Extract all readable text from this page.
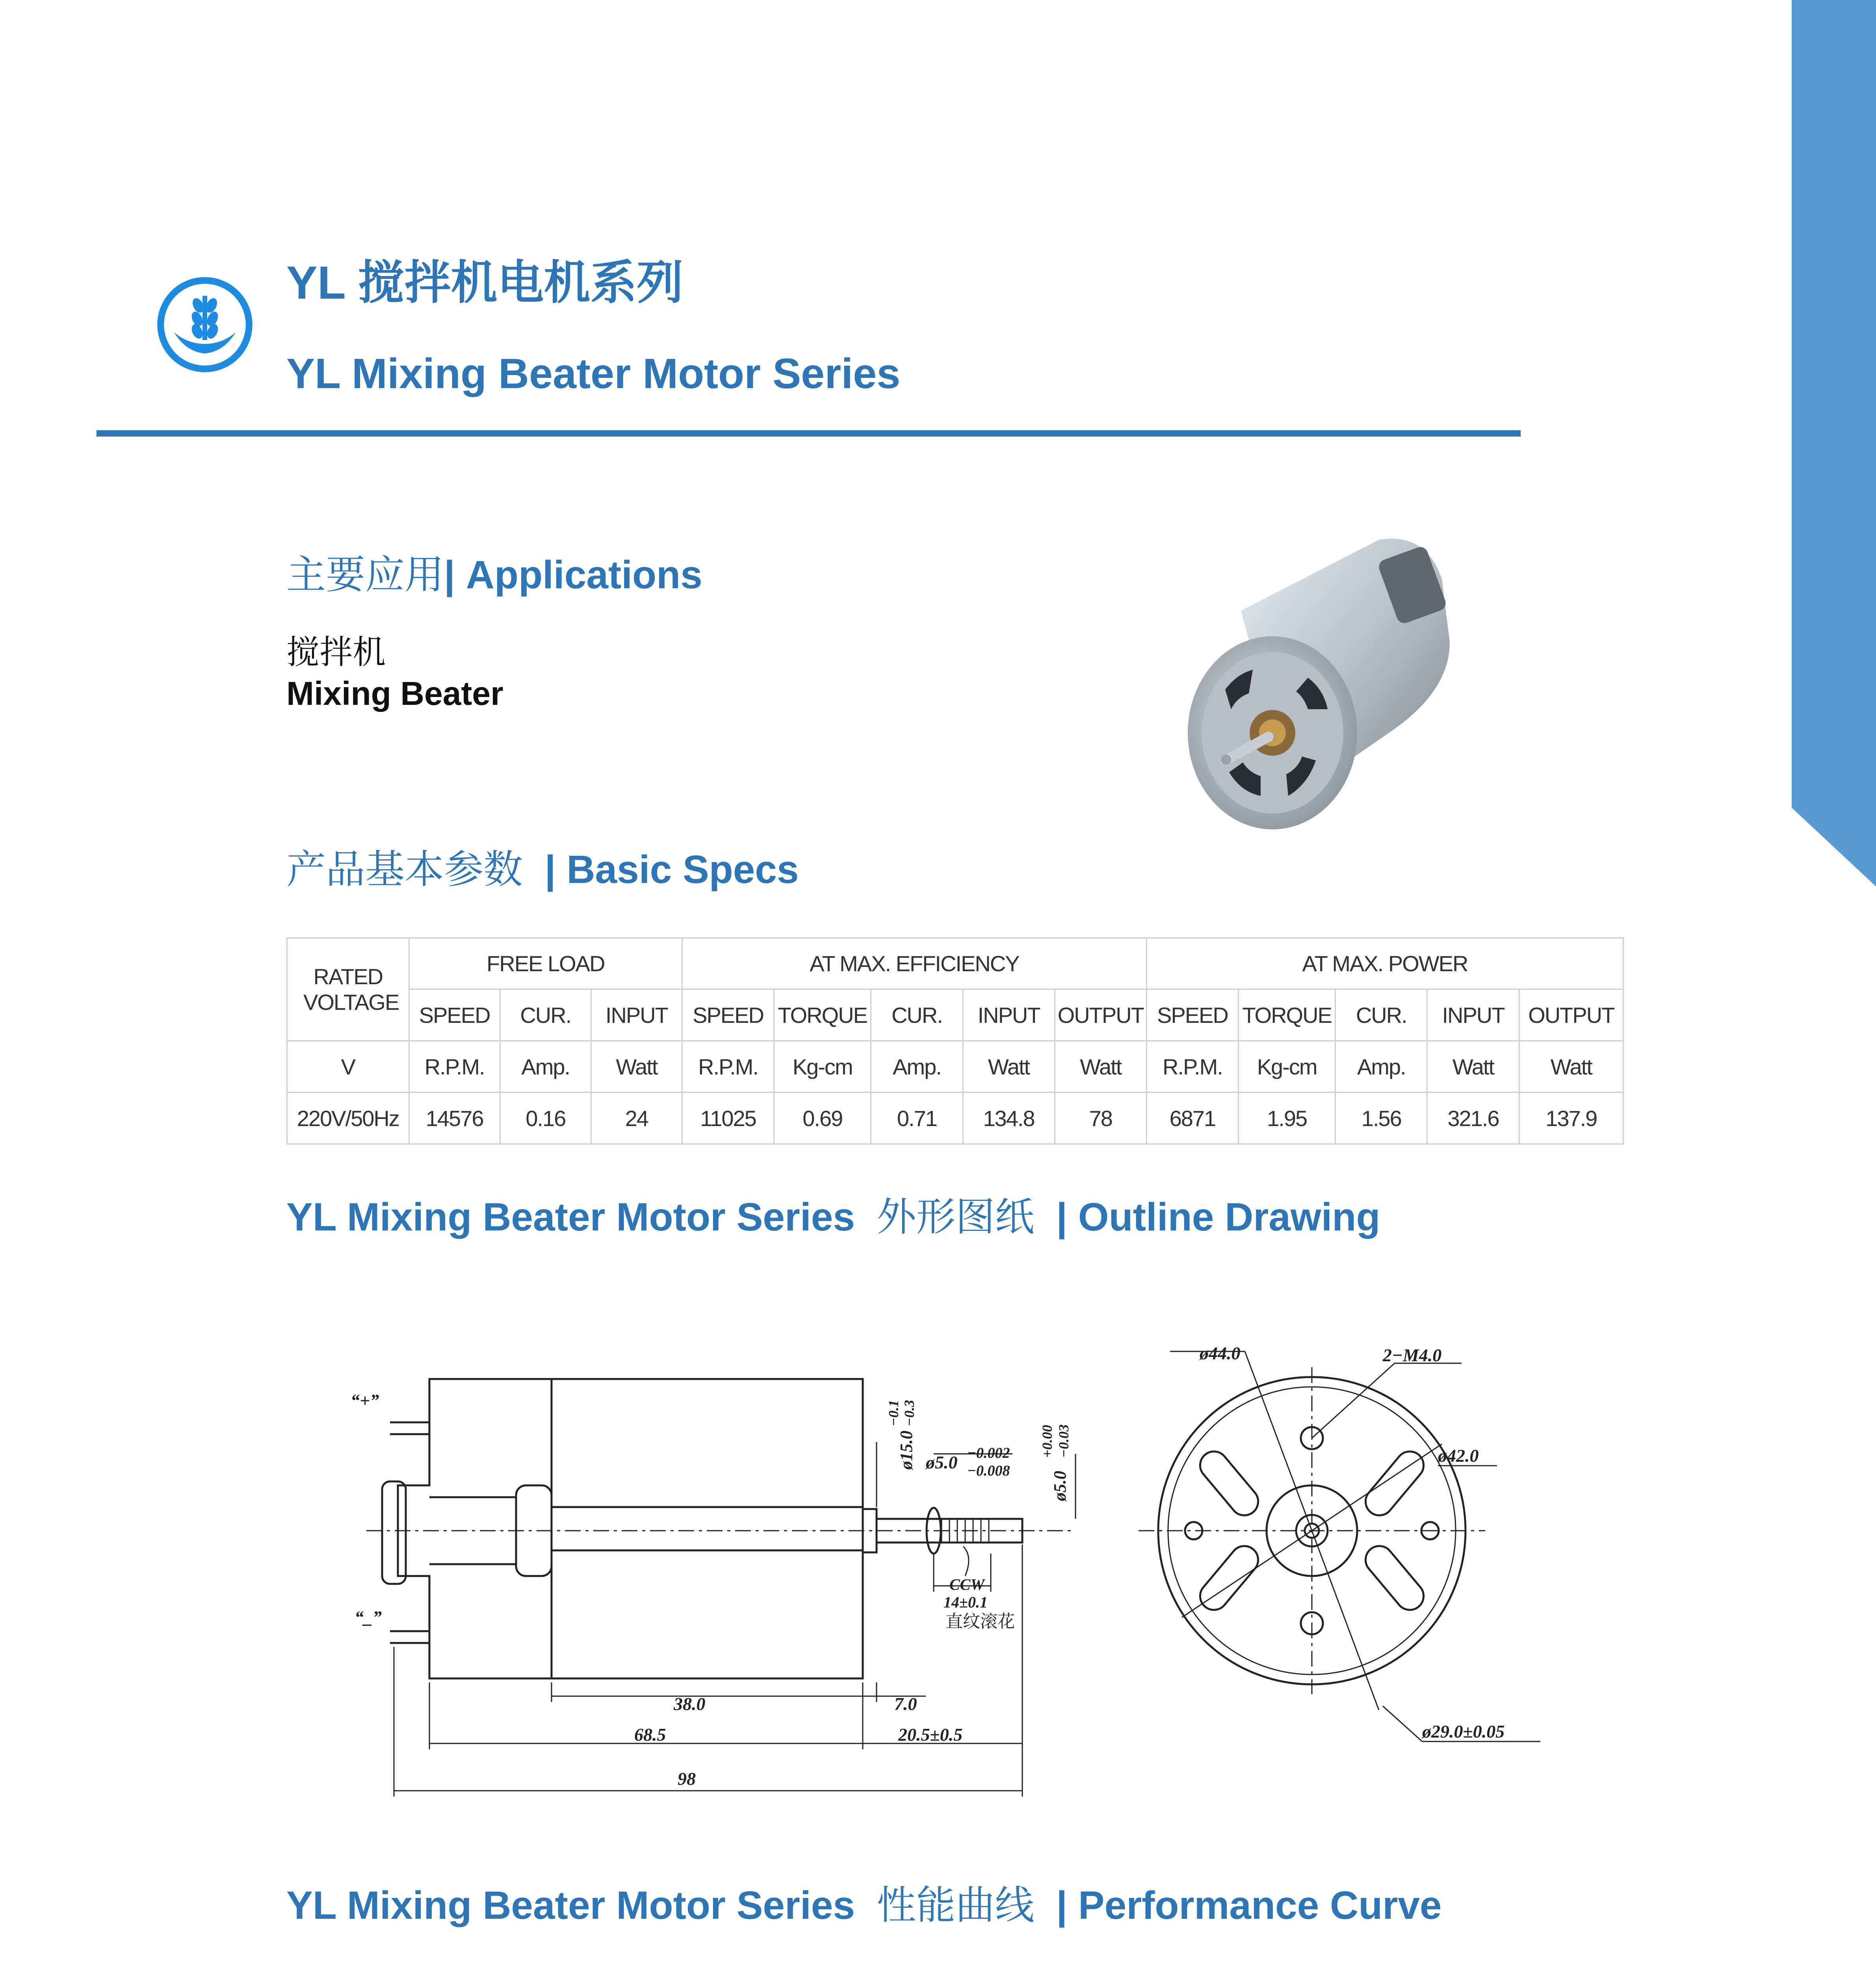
YL 搅拌机电机系列
YL Mixing Beater Motor Series
主要应用| Applications
搅拌机
Mixing Beater
产品基本参数 | Basic Specs
RATED VOLTAGE	FREE LOAD			AT MAX. EFFICIENCY					AT MAX. POWER				
	SPEED	CUR.	INPUT	SPEED	TORQUE	CUR.	INPUT	OUTPUT	SPEED	TORQUE	CUR.	INPUT	OUTPUT
V	R.P.M.	Amp.	Watt	R.P.M.	Kg-cm	Amp.	Watt	Watt	R.P.M.	Kg-cm	Amp.	Watt	Watt
220V/50Hz	14576	0.16	24	11025	0.69	0.71	134.8	78	6871	1.95	1.56	321.6	137.9
YL Mixing Beater Motor Series 外形图纸 | Outline Drawing
“+”
“_”
38.0	7.0
68.5	20.5±0.5
98
ø5.0 −0.002
−0.008
CCW
14±0.1
直纹滚花
ø44.0	2−M4.0
ø42.0
ø29.0±0.05
ø15.0
−0.1 −0.3
ø5.0
+0.00 −0.03
YL Mixing Beater Motor Series 性能曲线 | Performance Curve
